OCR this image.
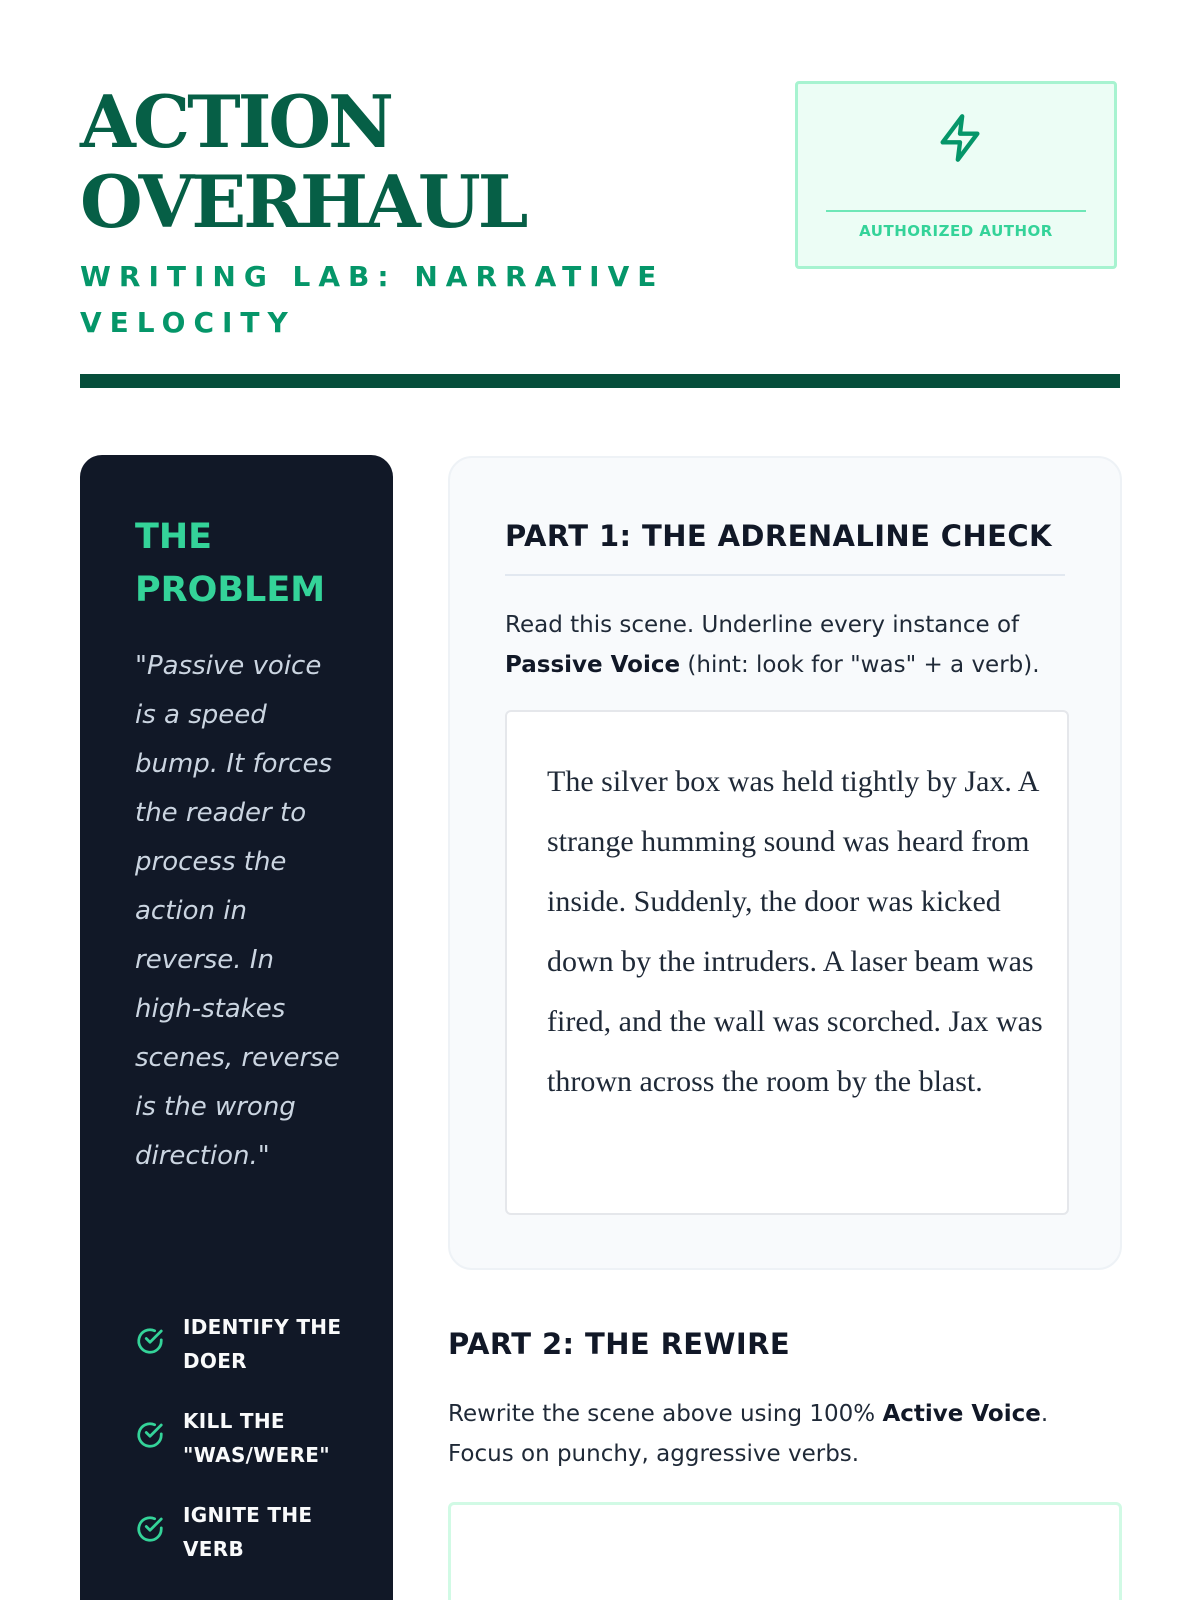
ACTION
OVERHAUL
WRITING LAB: NARRATIVE VELOCITY
AUTHORIZED AUTHOR
THE
PROBLEM

"Passive voice is a speed bump. It forces the reader to process the action in reverse. In high-stakes scenes, reverse is the wrong direction."

IDENTIFY THE DOER
KILL THE "WAS/WERE"
IGNITE THE VERB
PART 1: THE ADRENALINE CHECK

Read this scene. Underline every instance of Passive Voice (hint: look for "was" + a verb).

The silver box was held tightly by Jax. A strange humming sound was heard from inside. Suddenly, the door was kicked down by the intruders. A laser beam was fired, and the wall was scorched. Jax was thrown across the room by the blast.

PART 2: THE REWIRE

Rewrite the scene above using 100% Active Voice. Focus on punchy, aggressive verbs.
